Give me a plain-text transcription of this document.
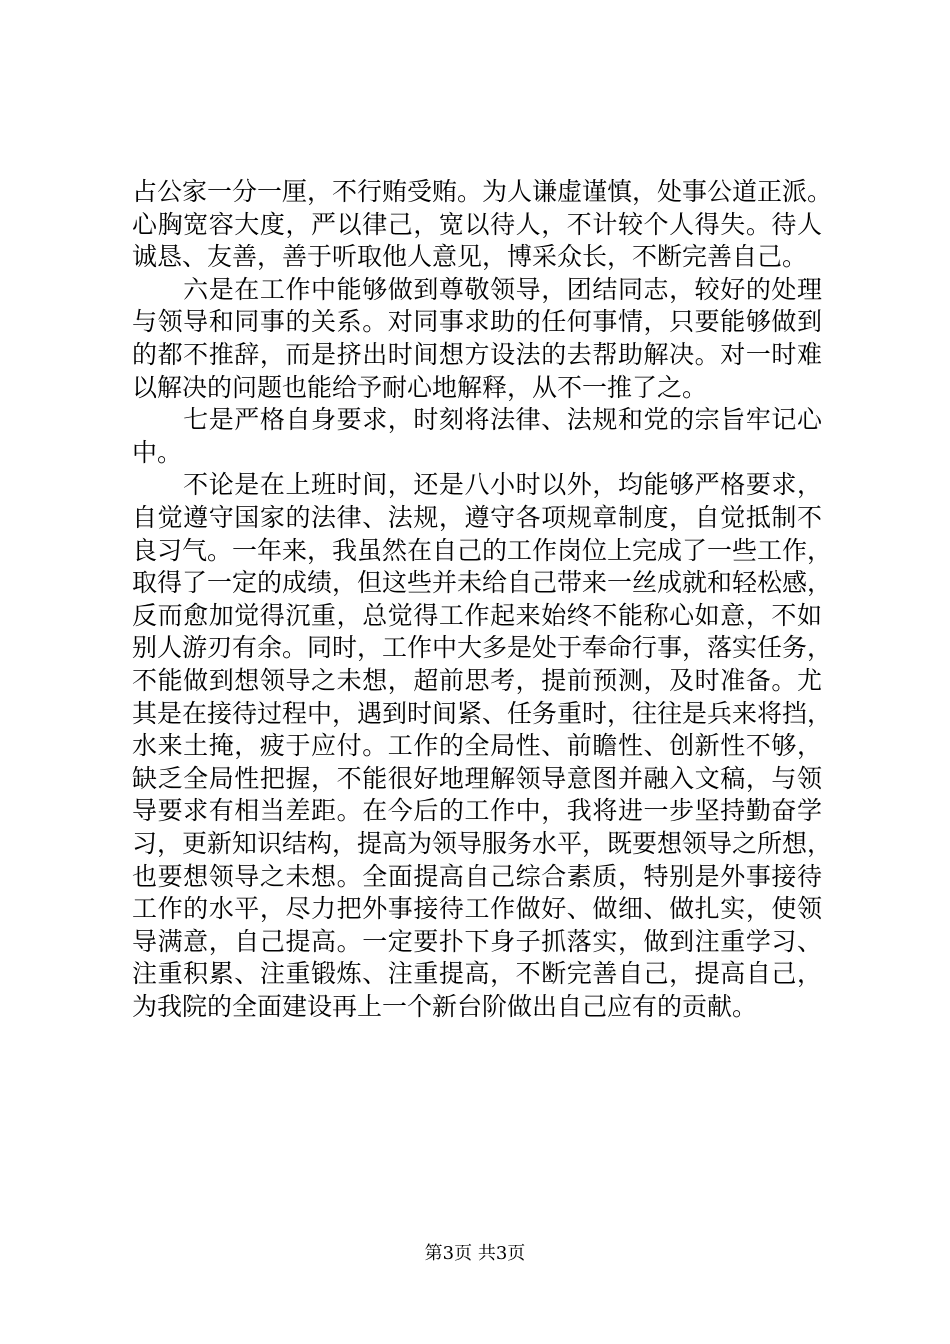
占公家一分一厘，不行贿受贿。为人谦虚谨慎，处事公道正派。
心胸宽容大度，严以律己，宽以待人，不计较个人得失。待人
诚恳、友善，善于听取他人意见，博采众长，不断完善自己。
　　六是在工作中能够做到尊敬领导，团结同志，较好的处理
与领导和同事的关系。对同事求助的任何事情，只要能够做到
的都不推辞，而是挤出时间想方设法的去帮助解决。对一时难
以解决的问题也能给予耐心地解释，从不一推了之。
　　七是严格自身要求，时刻将法律、法规和党的宗旨牢记心
中。
　　不论是在上班时间，还是八小时以外，均能够严格要求，
自觉遵守国家的法律、法规，遵守各项规章制度，自觉抵制不
良习气。一年来，我虽然在自己的工作岗位上完成了一些工作，
取得了一定的成绩，但这些并未给自己带来一丝成就和轻松感，
反而愈加觉得沉重，总觉得工作起来始终不能称心如意，不如
别人游刃有余。同时，工作中大多是处于奉命行事，落实任务，
不能做到想领导之未想，超前思考，提前预测，及时准备。尤
其是在接待过程中，遇到时间紧、任务重时，往往是兵来将挡，
水来土掩，疲于应付。工作的全局性、前瞻性、创新性不够，
缺乏全局性把握，不能很好地理解领导意图并融入文稿，与领
导要求有相当差距。在今后的工作中，我将进一步坚持勤奋学
习，更新知识结构，提高为领导服务水平，既要想领导之所想，
也要想领导之未想。全面提高自己综合素质，特别是外事接待
工作的水平，尽力把外事接待工作做好、做细、做扎实，使领
导满意，自己提高。一定要扑下身子抓落实，做到注重学习、
注重积累、注重锻炼、注重提高，不断完善自己，提高自己，
为我院的全面建设再上一个新台阶做出自己应有的贡献。
第3页 共3页
